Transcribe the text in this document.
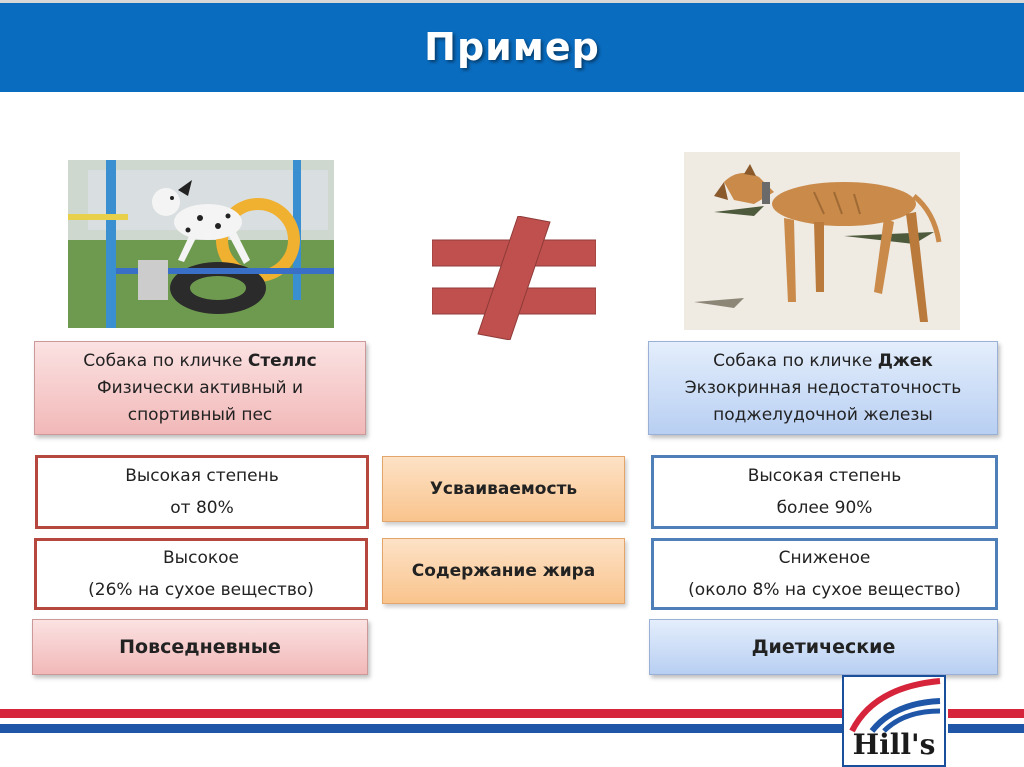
Пример
Собака по кличке Стеллс
Физически активный и
спортивный пес
Собака по кличке Джек
Экзокринная недостаточность
поджелудочной железы
Высокая степень
от 80%
Усваиваемость
Высокая степень
более 90%
Высокое
(26% на сухое вещество)
Содержание жира
Сниженое
(около 8% на сухое вещество)
Повседневные	Диетические
Hill's
